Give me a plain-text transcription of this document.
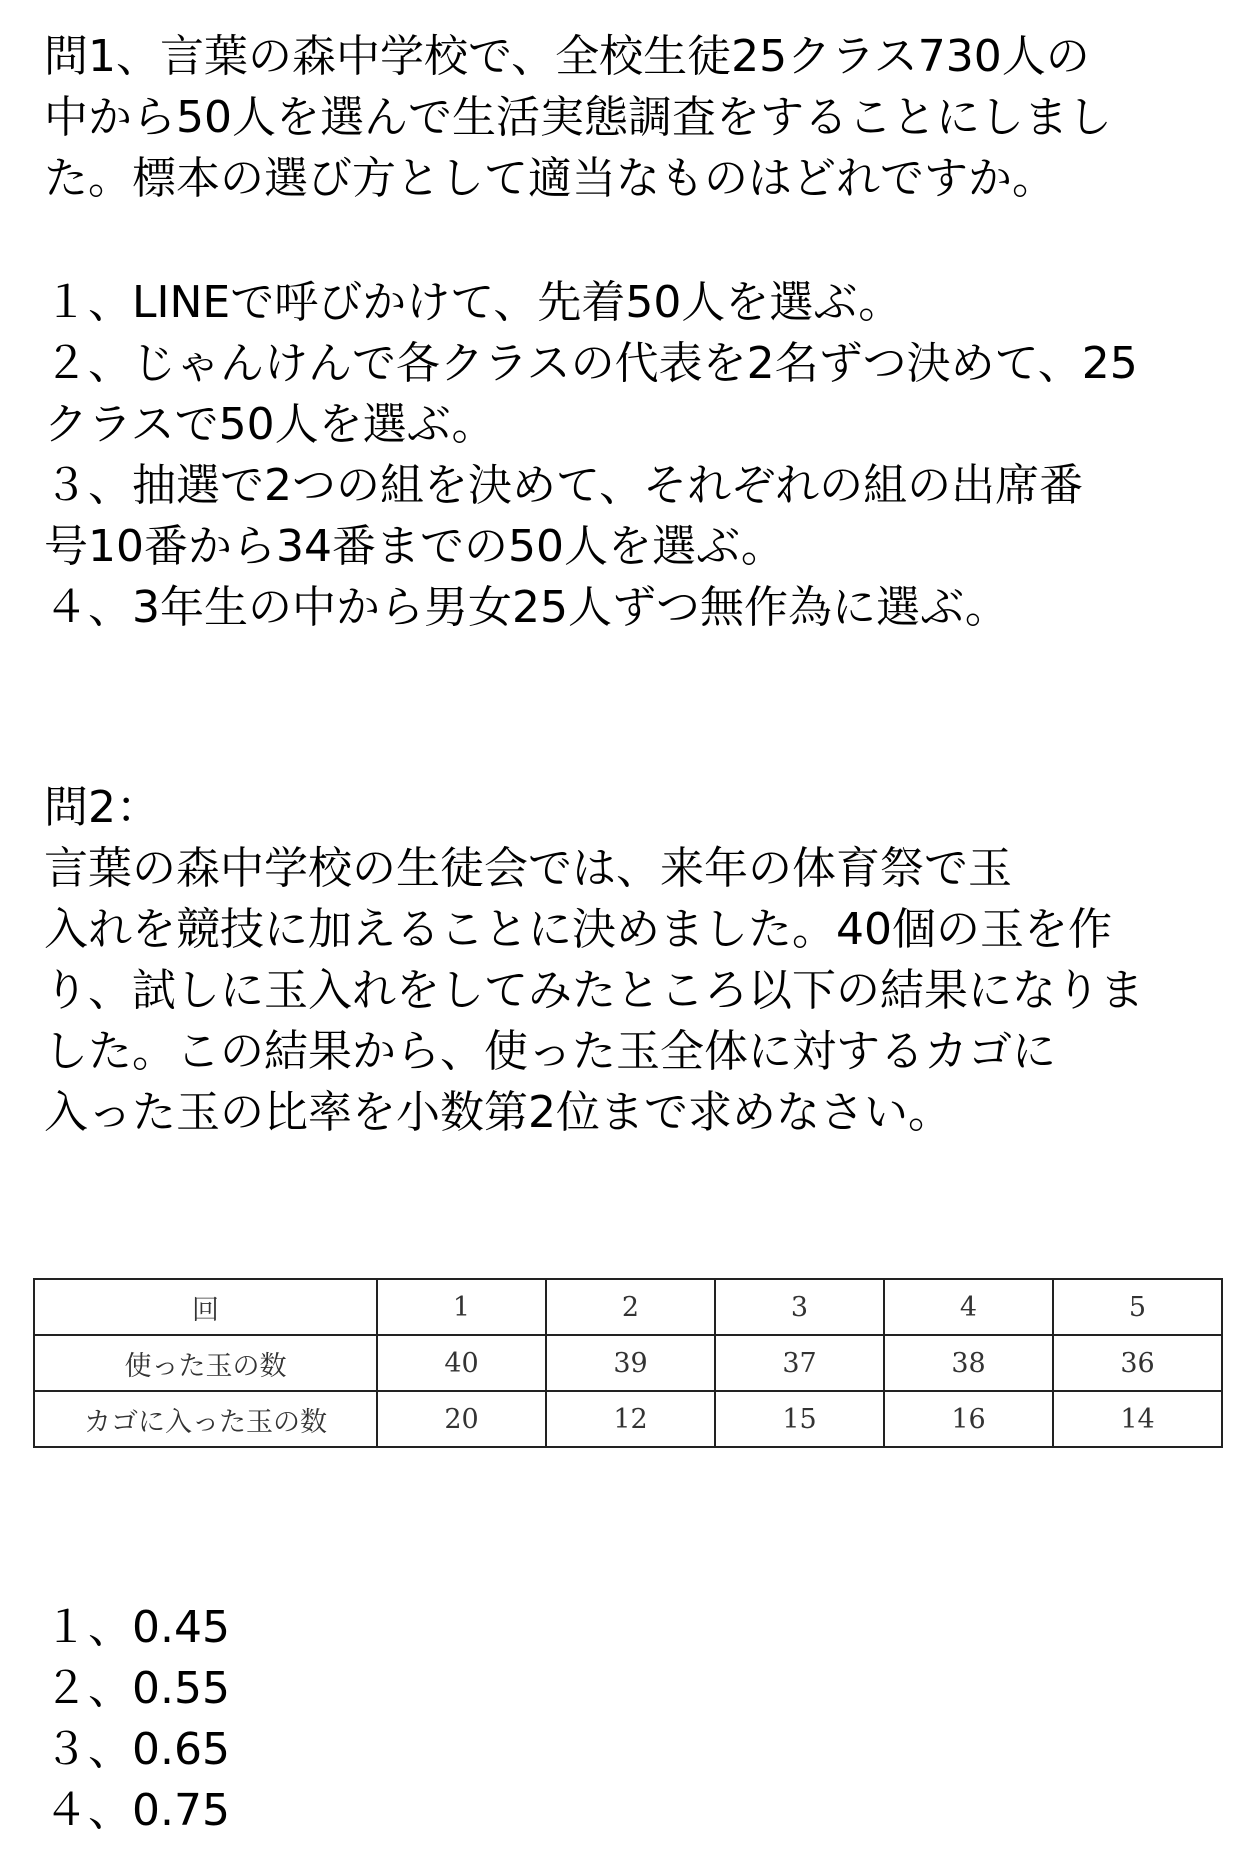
問1、言葉の森中学校で、全校生徒25クラス730人の
中から50人を選んで生活実態調査をすることにしまし
た。標本の選び方として適当なものはどれですか。
１、LINEで呼びかけて、先着50人を選ぶ。
２、じゃんけんで各クラスの代表を2名ずつ決めて、25
クラスで50人を選ぶ。
３、抽選で2つの組を決めて、それぞれの組の出席番
号10番から34番までの50人を選ぶ。
４、3年生の中から男女25人ずつ無作為に選ぶ。
問2：
言葉の森中学校の生徒会では、来年の体育祭で玉
入れを競技に加えることに決めました。40個の玉を作
り、試しに玉入れをしてみたところ以下の結果になりま
した。この結果から、使った玉全体に対するカゴに
入った玉の比率を小数第2位まで求めなさい。
回	1	2	3	4	5
使った玉の数	40	39	37	38	36
カゴに入った玉の数	20	12	15	16	14
１、0.45
２、0.55
３、0.65
４、0.75
